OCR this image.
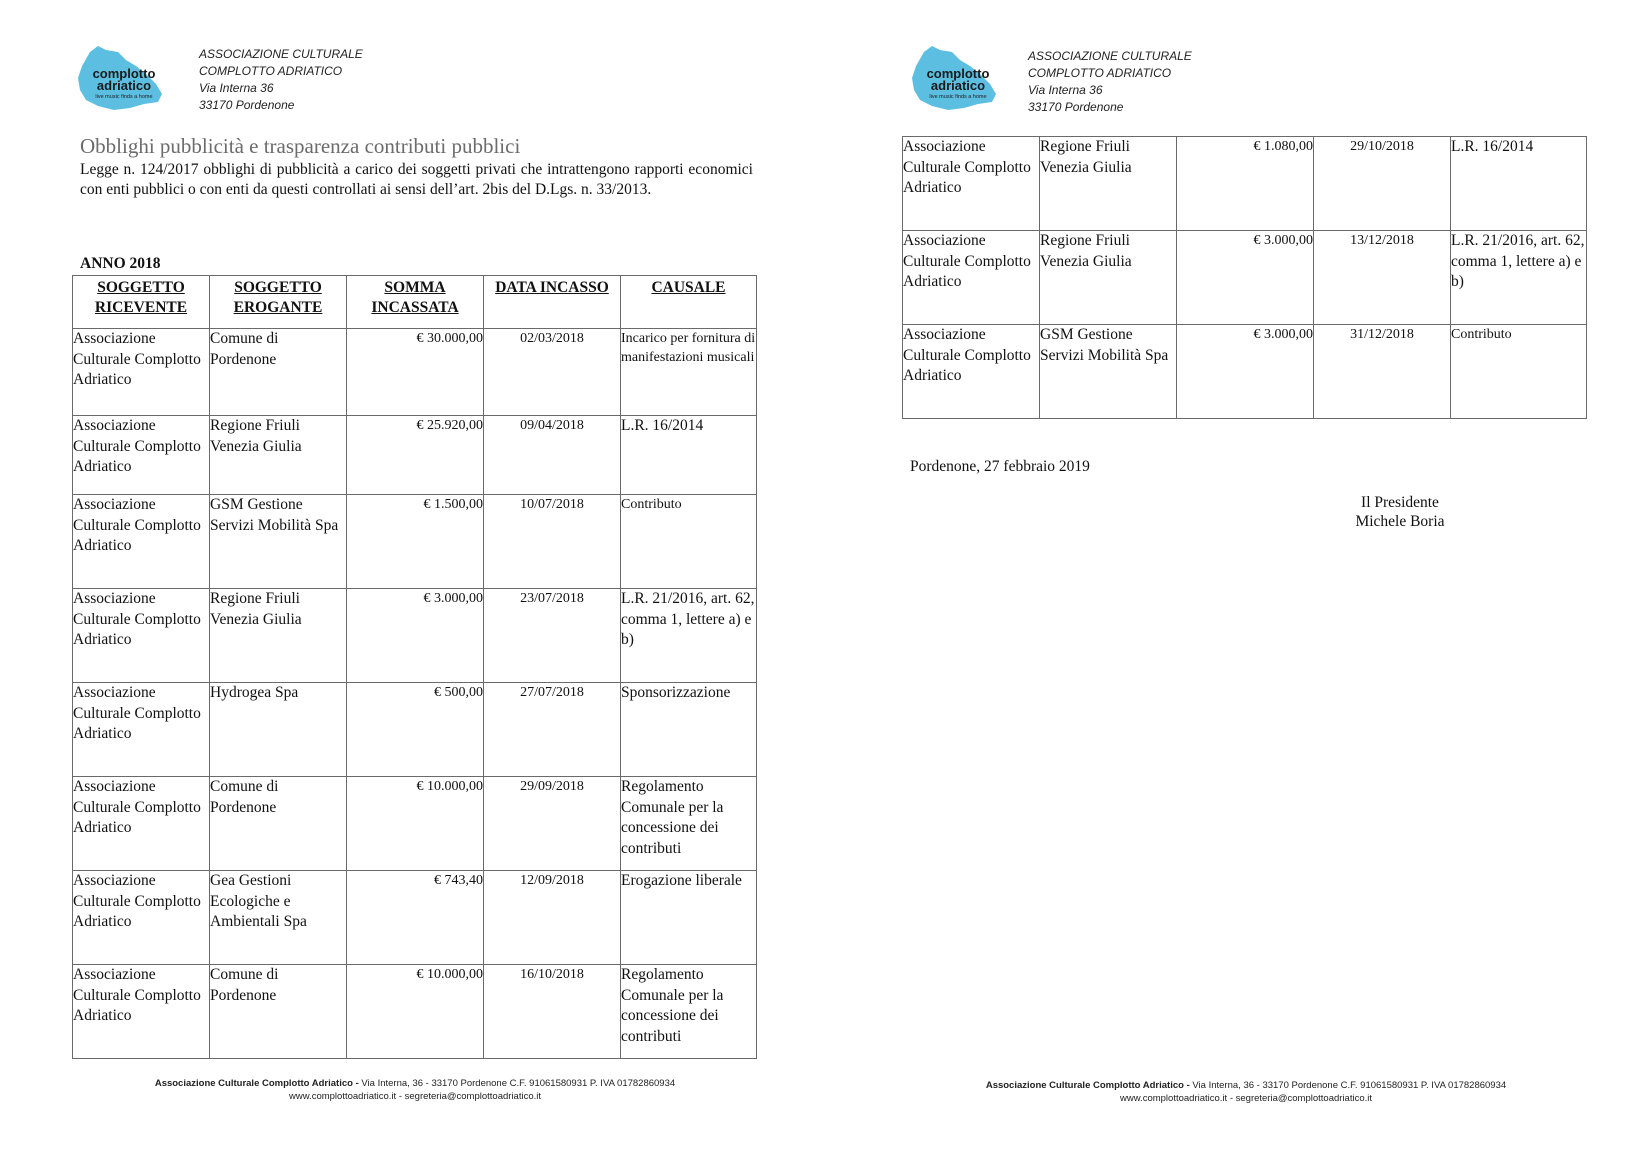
complotto
adriatico
live music finds a home
ASSOCIAZIONE CULTURALE
COMPLOTTO ADRIATICO
Via Interna 36
33170 Pordenone
Obblighi pubblicità e trasparenza contributi pubblici
Legge n. 124/2017 obblighi di pubblicità a carico dei soggetti privati che intrattengono rapporti economici con enti pubblici o con enti da questi controllati ai sensi dell’art. 2bis del D.Lgs. n. 33/2013.
ANNO 2018
SOGGETTO RICEVENTE	SOGGETTO EROGANTE	SOMMA INCASSATA	DATA INCASSO	CAUSALE
Associazione Culturale Complotto Adriatico	Comune di Pordenone	€ 30.000,00	02/03/2018	Incarico per fornitura di manifestazioni musicali
Associazione Culturale Complotto Adriatico	Regione Friuli Venezia Giulia	€ 25.920,00	09/04/2018	L.R. 16/2014
Associazione Culturale Complotto Adriatico	GSM Gestione Servizi Mobilità Spa	€ 1.500,00	10/07/2018	Contributo
Associazione Culturale Complotto Adriatico	Regione Friuli Venezia Giulia	€ 3.000,00	23/07/2018	L.R. 21/2016, art. 62, comma 1, lettere a) e b)
Associazione Culturale Complotto Adriatico	Hydrogea Spa	€ 500,00	27/07/2018	Sponsorizzazione
Associazione Culturale Complotto Adriatico	Comune di Pordenone	€ 10.000,00	29/09/2018	Regolamento Comunale per la concessione dei contributi
Associazione Culturale Complotto Adriatico	Gea Gestioni Ecologiche e Ambientali Spa	€ 743,40	12/09/2018	Erogazione liberale
Associazione Culturale Complotto Adriatico	Comune di Pordenone	€ 10.000,00	16/10/2018	Regolamento Comunale per la concessione dei contributi
Associazione Culturale Complotto Adriatico - Via Interna, 36 - 33170 Pordenone C.F. 91061580931 P. IVA 01782860934
www.complottoadriatico.it - segreteria@complottoadriatico.it
complotto
adriatico
live music finds a home
ASSOCIAZIONE CULTURALE
COMPLOTTO ADRIATICO
Via Interna 36
33170 Pordenone
Associazione Culturale Complotto Adriatico	Regione Friuli Venezia Giulia	€ 1.080,00	29/10/2018	L.R. 16/2014
Associazione Culturale Complotto Adriatico	Regione Friuli Venezia Giulia	€ 3.000,00	13/12/2018	L.R. 21/2016, art. 62, comma 1, lettere a) e b)
Associazione Culturale Complotto Adriatico	GSM Gestione Servizi Mobilità Spa	€ 3.000,00	31/12/2018	Contributo
Pordenone, 27 febbraio 2019
Il Presidente
Michele Boria
Associazione Culturale Complotto Adriatico - Via Interna, 36 - 33170 Pordenone C.F. 91061580931 P. IVA 01782860934
www.complottoadriatico.it - segreteria@complottoadriatico.it
